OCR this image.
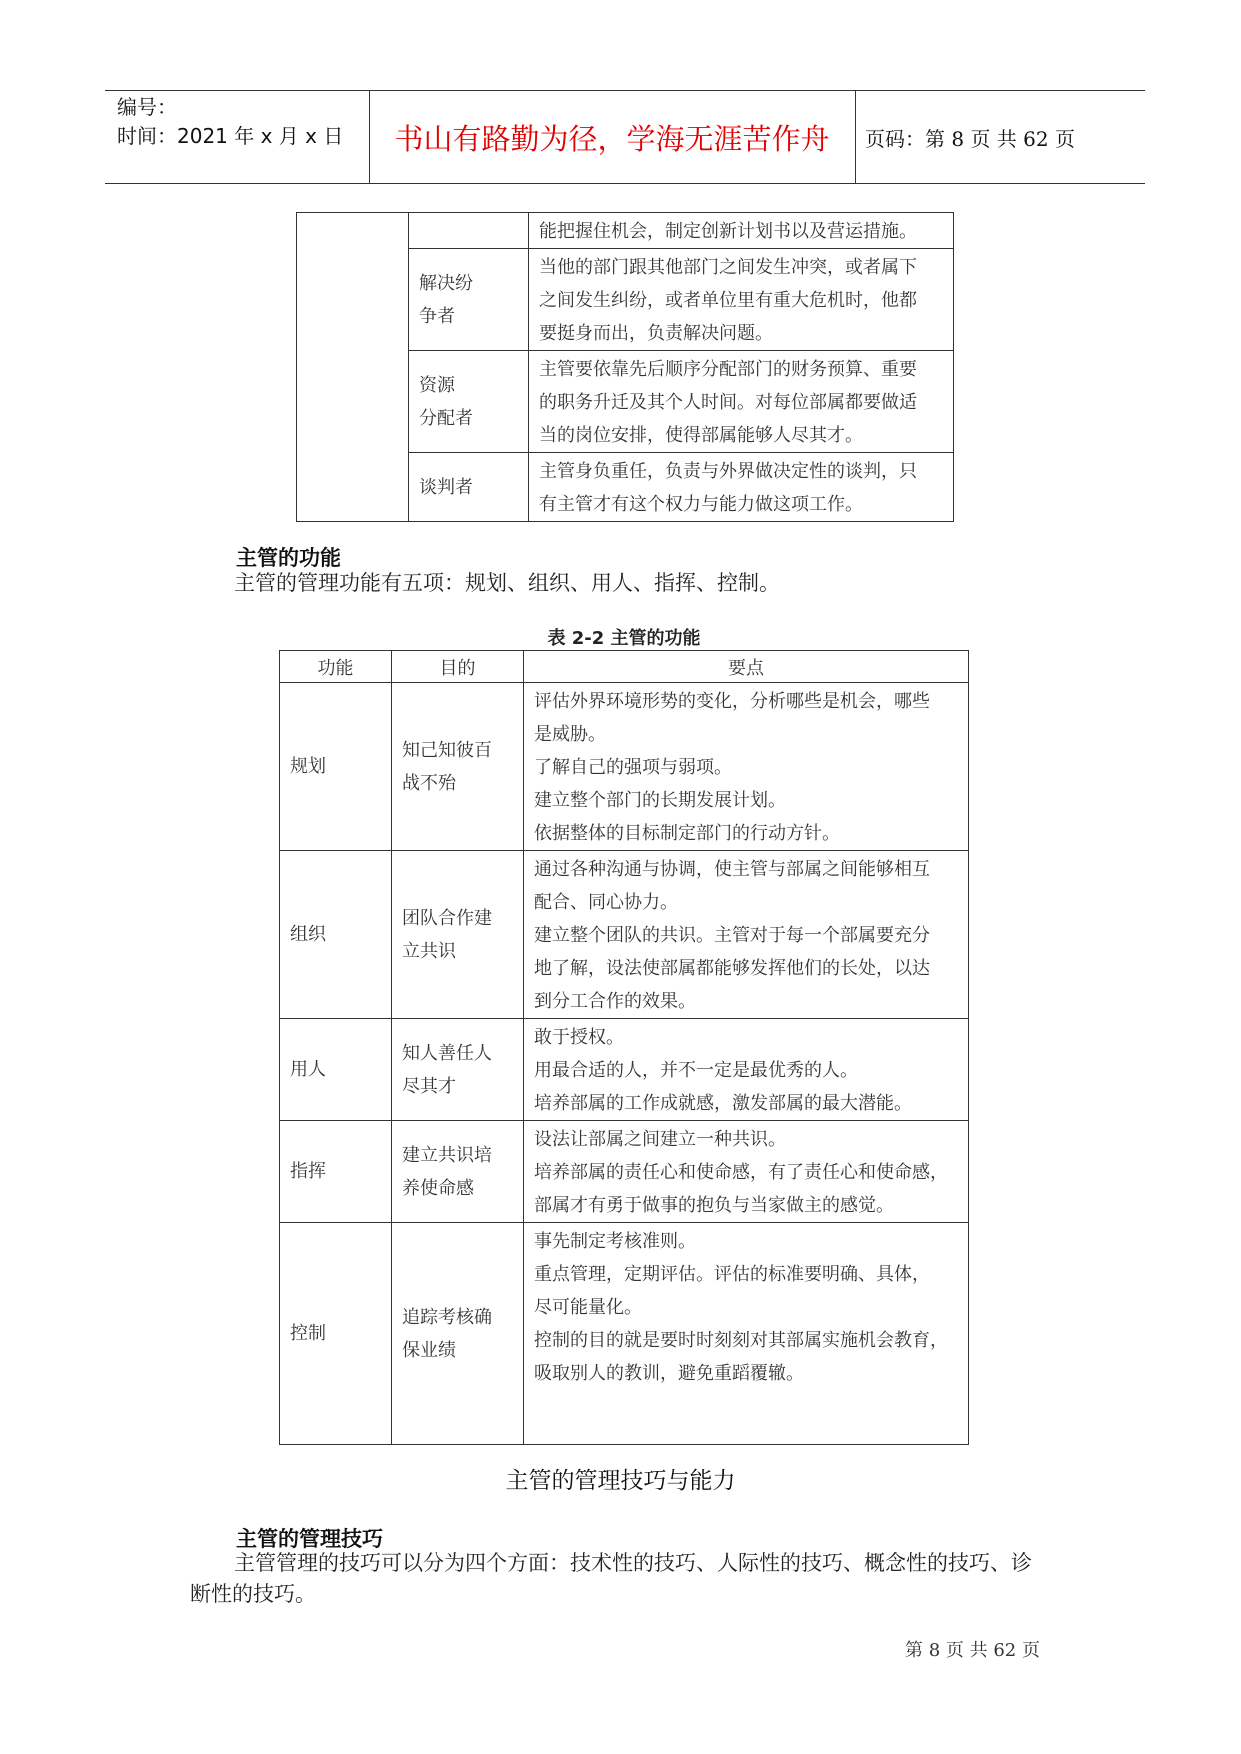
编号：
时间：2021 年 x 月 x 日	书山有路勤为径，学海无涯苦作舟	页码：第 8 页 共 62 页
		能把握住机会，制定创新计划书以及营运措施。

	解决纷
争者	当他的部门跟其他部门之间发生冲突，或者属下
之间发生纠纷，或者单位里有重大危机时，他都
要挺身而出，负责解决问题。

	资源
分配者	主管要依靠先后顺序分配部门的财务预算、重要
的职务升迁及其个人时间。对每位部属都要做适
当的岗位安排，使得部属能够人尽其才。

	谈判者	主管身负重任，负责与外界做决定性的谈判，只
有主管才有这个权力与能力做这项工作。
主管的功能
主管的管理功能有五项：规划、组织、用人、指挥、控制。
表 2-2 主管的功能
功能	目的	要点
规划	知己知彼百
战不殆	评估外界环境形势的变化，分析哪些是机会，哪些
是威胁。
了解自己的强项与弱项。
建立整个部门的长期发展计划。
依据整体的目标制定部门的行动方针。

组织	团队合作建
立共识	通过各种沟通与协调，使主管与部属之间能够相互
配合、同心协力。
建立整个团队的共识。主管对于每一个部属要充分
地了解，设法使部属都能够发挥他们的长处，以达
到分工合作的效果。

用人	知人善任人
尽其才	敢于授权。
用最合适的人，并不一定是最优秀的人。
培养部属的工作成就感，激发部属的最大潜能。

指挥	建立共识培
养使命感	设法让部属之间建立一种共识。
培养部属的责任心和使命感，有了责任心和使命感，
部属才有勇于做事的抱负与当家做主的感觉。

控制	追踪考核确
保业绩	事先制定考核准则。
重点管理，定期评估。评估的标准要明确、具体，
尽可能量化。
控制的目的就是要时时刻刻对其部属实施机会教育，
吸取别人的教训，避免重蹈覆辙。
主管的管理技巧与能力
主管的管理技巧
主管管理的技巧可以分为四个方面：技术性的技巧、人际性的技巧、概念性的技巧、诊
断性的技巧。
第 8 页 共 62 页
